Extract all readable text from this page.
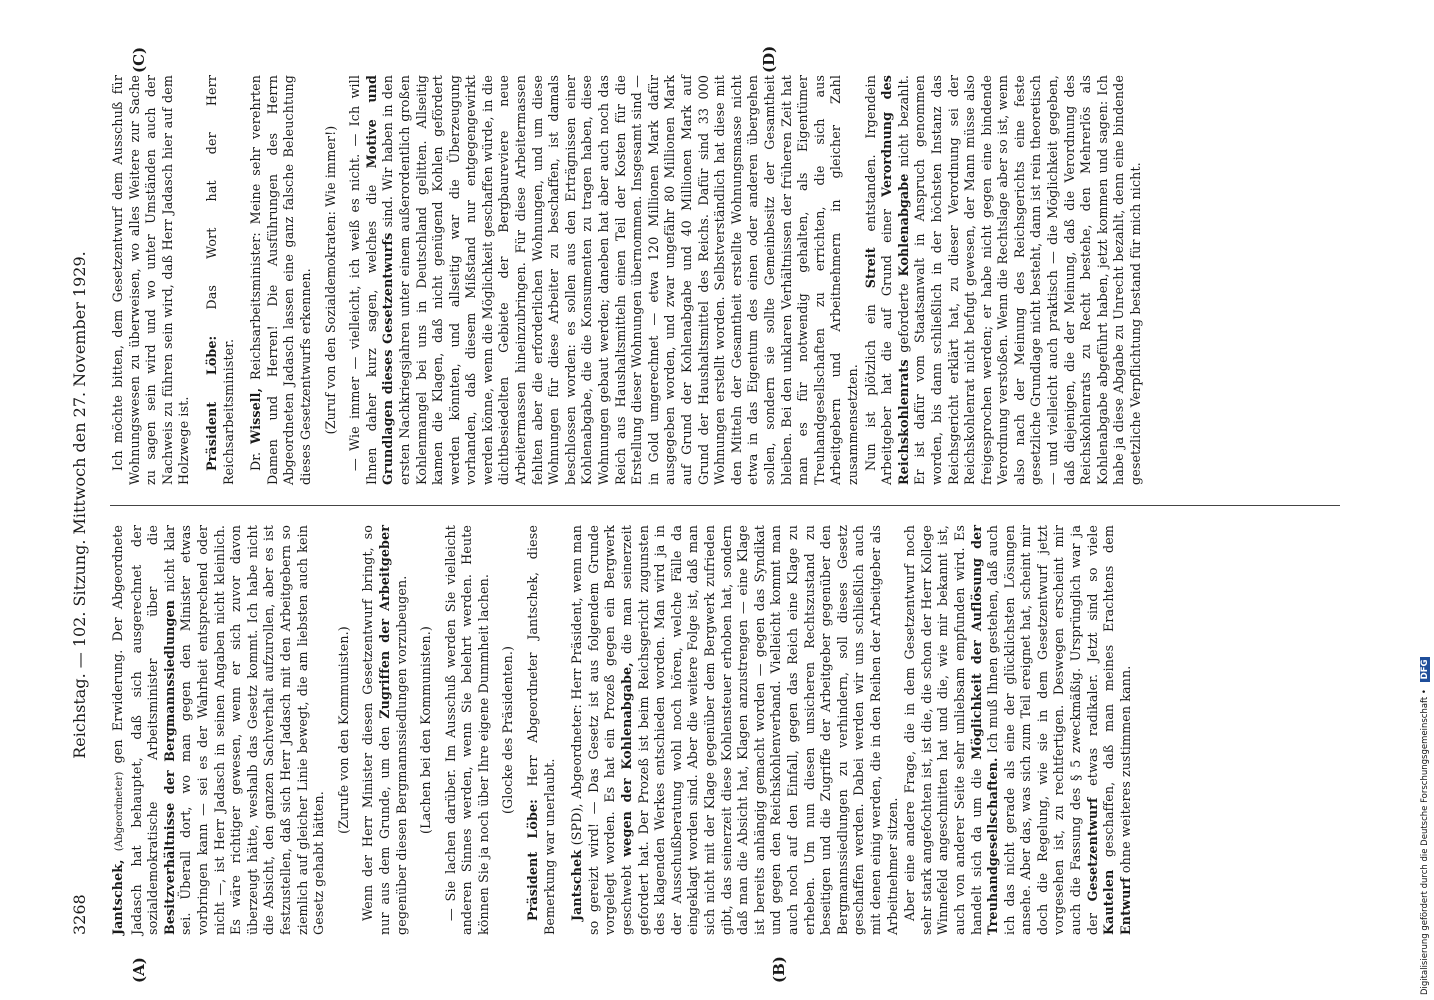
3268
Reichstag. — 102. Sitzung. Mittwoch den 27. November 1929.
(A)	(B)
(C)	(D)

Jantschek, (Abgeordneter) gen Erwiderung. Der Abgeordnete Jadasch hat behauptet, daß sich ausgerechnet der sozialdemokratische Arbeitsminister über die Besitzverhältnisse der Bergmannssiedlungen nicht klar sei. Überall dort, wo man gegen den Minister etwas vorbringen kann — sei es der Wahrheit entsprechend oder nicht —, ist Herr Jadasch in seinen Angaben nicht kleinlich. Es wäre richtiger gewesen, wenn er sich zuvor davon überzeugt hätte, weshalb das Gesetz kommt. Ich habe nicht die Absicht, den ganzen Sachverhalt aufzurollen, aber es ist festzustellen, daß sich Herr Jadasch mit den Arbeitgebern so ziemlich auf gleicher Linie bewegt, die am liebsten auch kein Gesetz gehabt hätten.

(Zurufe von den Kommunisten.) Wenn der Herr Minister diesen Gesetzentwurf bringt, so nur aus dem Grunde, um den Zugriffen der Arbeitgeber gegenüber diesen Bergmannssiedlungen vorzubeugen. (Lachen bei den Kommunisten.) — Sie lachen darüber. Im Ausschuß werden Sie vielleicht anderen Sinnes werden, wenn Sie belehrt werden. Heute können Sie ja noch über Ihre eigene Dummheit lachen. (Glocke des Präsidenten.)

Präsident Löbe: Herr Abgeordneter Jantschek, diese Bemerkung war unerlaubt. Jantschek (SPD), Abgeordneter: Herr Präsident, wenn man so gereizt wird! — Das Gesetz ist aus folgendem Grunde vorgelegt worden. Es hat ein Prozeß gegen ein Bergwerk geschwebt wegen der Kohlenabgabe, die man seinerzeit gefordert hat. Der Prozeß ist beim Reichsgericht zugunsten des klagenden Werkes entschieden worden. Man wird ja in der Ausschußberatung wohl noch hören, welche Fälle da eingeklagt worden sind. Aber die weitere Folge ist, daß man sich nicht mit der Klage gegenüber dem Bergwerk zufrieden gibt, das seinerzeit diese Kohlensteuer erhoben hat, sondern daß man die Absicht hat, Klagen anzustrengen — eine Klage ist bereits anhängig gemacht worden — gegen das Syndikat und gegen den Reichskohlenverband. Vielleicht kommt man auch noch auf den Einfall, gegen das Reich eine Klage zu erheben. Um nun diesen unsicheren Rechtszustand zu beseitigen und die Zugriffe der Arbeitgeber gegenüber den Bergmannssiedlungen zu verhindern, soll dieses Gesetz geschaffen werden. Dabei werden wir uns schließlich auch mit denen einig werden, die in den Reihen der Arbeitgeber als Arbeitnehmer sitzen. Aber eine andere Frage, die in dem Gesetzentwurf noch sehr stark angefochten ist, ist die, die schon der Herr Kollege Winnefeld angeschnitten hat und die, wie mir bekannt ist, auch von anderer Seite sehr unliebsam empfunden wird. Es handelt sich da um die Möglichkeit der Auflösung der Treuhandgesellschaften. Ich muß Ihnen gestehen, daß auch ich das nicht gerade als eine der glücklichsten Lösungen ansehe. Aber das, was sich zum Teil ereignet hat, scheint mir doch die Regelung, wie sie in dem Gesetzentwurf jetzt vorgesehen ist, zu rechtfertigen. Deswegen erscheint mir auch die Fassung des § 5 zweckmäßig. Ursprünglich war ja der Gesetzentwurf etwas radikaler. Jetzt sind so viele Kautelen geschaffen, daß man meines Erachtens dem Entwurf ohne weiteres zustimmen kann.

Ich möchte bitten, dem Gesetzentwurf dem Ausschuß für Wohnungswesen zu überweisen, wo alles Weitere zur Sache zu sagen sein wird und wo unter Umständen auch der Nachweis zu führen sein wird, daß Herr Jadasch hier auf dem Holzwege ist. Präsident Löbe: Das Wort hat der Herr Reichsarbeitsminister. Dr. Wissell, Reichsarbeitsminister: Meine sehr verehrten Damen und Herren! Die Ausführungen des Herrn Abgeordneten Jadasch lassen eine ganz falsche Beleuchtung dieses Gesetzentwurfs erkennen. (Zuruf von den Sozialdemokraten: Wie immer!) — Wie immer — vielleicht, ich weiß es nicht. — Ich will Ihnen daher kurz sagen, welches die Motive und Grundlagen dieses Gesetzentwurfs sind. Wir haben in den ersten Nachkriegsjahren unter einem außerordentlich großen Kohlenmangel bei uns in Deutschland gelitten. Allseitig kamen die Klagen, daß nicht genügend Kohlen gefördert werden könnten, und allseitig war die Überzeugung vorhanden, daß diesem Mißstand nur entgegengewirkt werden könne, wenn die Möglichkeit geschaffen würde, in die dichtbesiedelten Gebiete der Bergbaureviere neue Arbeitermassen hineinzubringen. Für diese Arbeitermassen fehlten aber die erforderlichen Wohnungen, und um diese Wohnungen für diese Arbeiter zu beschaffen, ist damals beschlossen worden: es sollen aus den Erträgnissen einer Kohlenabgabe, die die Konsumenten zu tragen haben, diese Wohnungen gebaut werden; daneben hat aber auch noch das Reich aus Haushaltsmitteln einen Teil der Kosten für die Erstellung dieser Wohnungen übernommen. Insgesamt sind — in Gold umgerechnet — etwa 120 Millionen Mark dafür ausgegeben worden, und zwar ungefähr 80 Millionen Mark auf Grund der Kohlenabgabe und 40 Millionen Mark auf Grund der Haushaltsmittel des Reichs. Dafür sind 33 000 Wohnungen erstellt worden. Selbstverständlich hat diese mit den Mitteln der Gesamtheit erstellte Wohnungsmasse nicht etwa in das Eigentum des einen oder anderen übergehen sollen, sondern sie sollte Gemeinbesitz der Gesamtheit bleiben. Bei den unklaren Verhältnissen der früheren Zeit hat man es für notwendig gehalten, als Eigentümer Treuhandgesellschaften zu errichten, die sich aus Arbeitgebern und Arbeitnehmern in gleicher Zahl zusammensetzten. Nun ist plötzlich ein Streit entstanden. Irgendein Arbeitgeber hat die auf Grund einer Verordnung des Reichskohlenrats geforderte Kohlenabgabe nicht bezahlt. Er ist dafür vom Staatsanwalt in Anspruch genommen worden, bis dann schließlich in der höchsten Instanz das Reichsgericht erklärt hat, zu dieser Verordnung sei der Reichskohlenrat nicht befugt gewesen, der Mann müsse also freigesprochen werden; er habe nicht gegen eine bindende Verordnung verstoßen. Wenn die Rechtslage aber so ist, wenn also nach der Meinung des Reichsgerichts eine feste gesetzliche Grundlage nicht besteht, dann ist rein theoretisch — und vielleicht auch praktisch — die Möglichkeit gegeben, daß diejenigen, die der Meinung, daß die Verordnung des Reichskohlenrats zu Recht bestehe, den Mehrerlös als Kohlenabgabe abgeführt haben, jetzt kommen und sagen: Ich habe ja diese Abgabe zu Unrecht bezahlt, denn eine bindende gesetzliche Verpflichtung bestand für mich nicht.

Digitalisierung gefördert durch die Deutsche Forschungsgemeinschaft • DFG
